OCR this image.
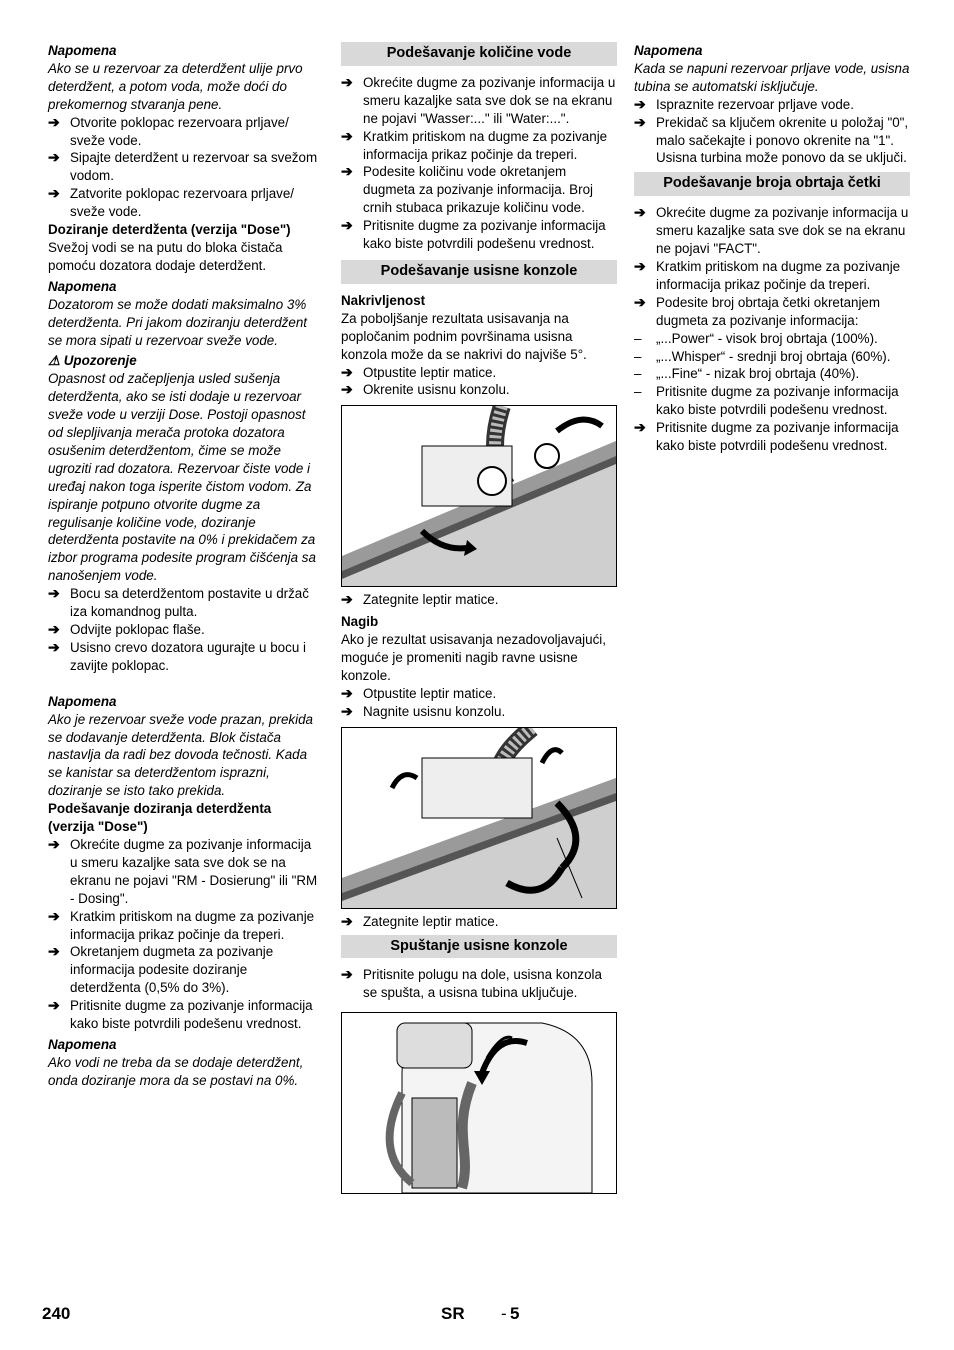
Napomena

Ako se u rezervoar za deterdžent ulije prvo deterdžent, a potom voda, može doći do prekomernog stvaranja pene.

➔ Otvorite poklopac rezervoara prljave/ sveže vode.
➔ Sipajte deterdžent u rezervoar sa svežom vodom.
➔ Zatvorite poklopac rezervoara prljave/ sveže vode.

Doziranje deterdženta (verzija "Dose")

Svežoj vodi se na putu do bloka čistača pomoću dozatora dodaje deterdžent.

Napomena

Dozatorom se može dodati maksimalno 3% deterdženta. Pri jakom doziranju deterdžent se mora sipati u rezervoar sveže vode.

⚠ Upozorenje

Opasnost od začepljenja usled sušenja deterdženta, ako se isti dodaje u rezervoar sveže vode u verziji Dose. Postoji opasnost od slepljivanja merača protoka dozatora osušenim deterdžentom, čime se može ugroziti rad dozatora. Rezervoar čiste vode i uređaj nakon toga isperite čistom vodom. Za ispiranje potpuno otvorite dugme za regulisanje količine vode, doziranje deterdženta postavite na 0% i prekidačem za izbor programa podesite program čišćenja sa nanošenjem vode.

➔ Bocu sa deterdžentom postavite u držač iza komandnog pulta.
➔ Odvijte poklopac flaše.
➔ Usisno crevo dozatora ugurajte u bocu i zavijte poklopac.

Napomena

Ako je rezervoar sveže vode prazan, prekida se dodavanje deterdženta. Blok čistača nastavlja da radi bez dovoda tečnosti. Kada se kanistar sa deterdžentom isprazni, doziranje se isto tako prekida.

Podešavanje doziranja deterdženta (verzija "Dose")

➔ Okrećite dugme za pozivanje informacija u smeru kazaljke sata sve dok se na ekranu ne pojavi "RM - Dosierung" ili "RM - Dosing".
➔ Kratkim pritiskom na dugme za pozivanje informacija prikaz počinje da treperi.
➔ Okretanjem dugmeta za pozivanje informacija podesite doziranje deterdženta (0,5% do 3%).
➔ Pritisnite dugme za pozivanje informacija kako biste potvrdili podešenu vrednost.

Napomena

Ako vodi ne treba da se dodaje deterdžent, onda doziranje mora da se postavi na 0%.

Podešavanje količine vode
➔ Okrećite dugme za pozivanje informacija u smeru kazaljke sata sve dok se na ekranu ne pojavi "Wasser:..." ili "Water:...".
➔ Kratkim pritiskom na dugme za pozivanje informacija prikaz počinje da treperi.
➔ Podesite količinu vode okretanjem dugmeta za pozivanje informacija. Broj crnih stubaca prikazuje količinu vode.
➔ Pritisnite dugme za pozivanje informacija kako biste potvrdili podešenu vrednost.
Podešavanje usisne konzole

Nakrivljenost

Za poboljšanje rezultata usisavanja na popločanim podnim površinama usisna konzola može da se nakrivi do najviše 5°.

➔ Otpustite leptir matice.
➔ Okrenite usisnu konzolu.
➔ Zategnite leptir matice.

Nagib

Ako je rezultat usisavanja nezadovoljavajući, moguće je promeniti nagib ravne usisne konzole.

➔ Otpustite leptir matice.
➔ Nagnite usisnu konzolu.
➔ Zategnite leptir matice.
Spuštanje usisne konzole
➔ Pritisnite polugu na dole, usisna konzola se spušta, a usisna tubina uključuje.

Napomena

Kada se napuni rezervoar prljave vode, usisna tubina se automatski isključuje.

➔ Ispraznite rezervoar prljave vode.
➔ Prekidač sa ključem okrenite u položaj "0", malo sačekajte i ponovo okrenite na "1".
Usisna turbina može ponovo da se uključi.
Podešavanje broja obrtaja četki
➔ Okrećite dugme za pozivanje informacija u smeru kazaljke sata sve dok se na ekranu ne pojavi "FACT".
➔ Kratkim pritiskom na dugme za pozivanje informacija prikaz počinje da treperi.
➔ Podesite broj obrtaja četki okretanjem dugmeta za pozivanje informacija:
– „...Power“ - visok broj obrtaja (100%).
– „...Whisper“ - srednji broj obrtaja (60%).
– „...Fine“ - nizak broj obrtaja (40%).
– Pritisnite dugme za pozivanje informacija kako biste potvrdili podešenu vrednost.
➔ Pritisnite dugme za pozivanje informacija kako biste potvrdili podešenu vrednost.
240	SR - 5
